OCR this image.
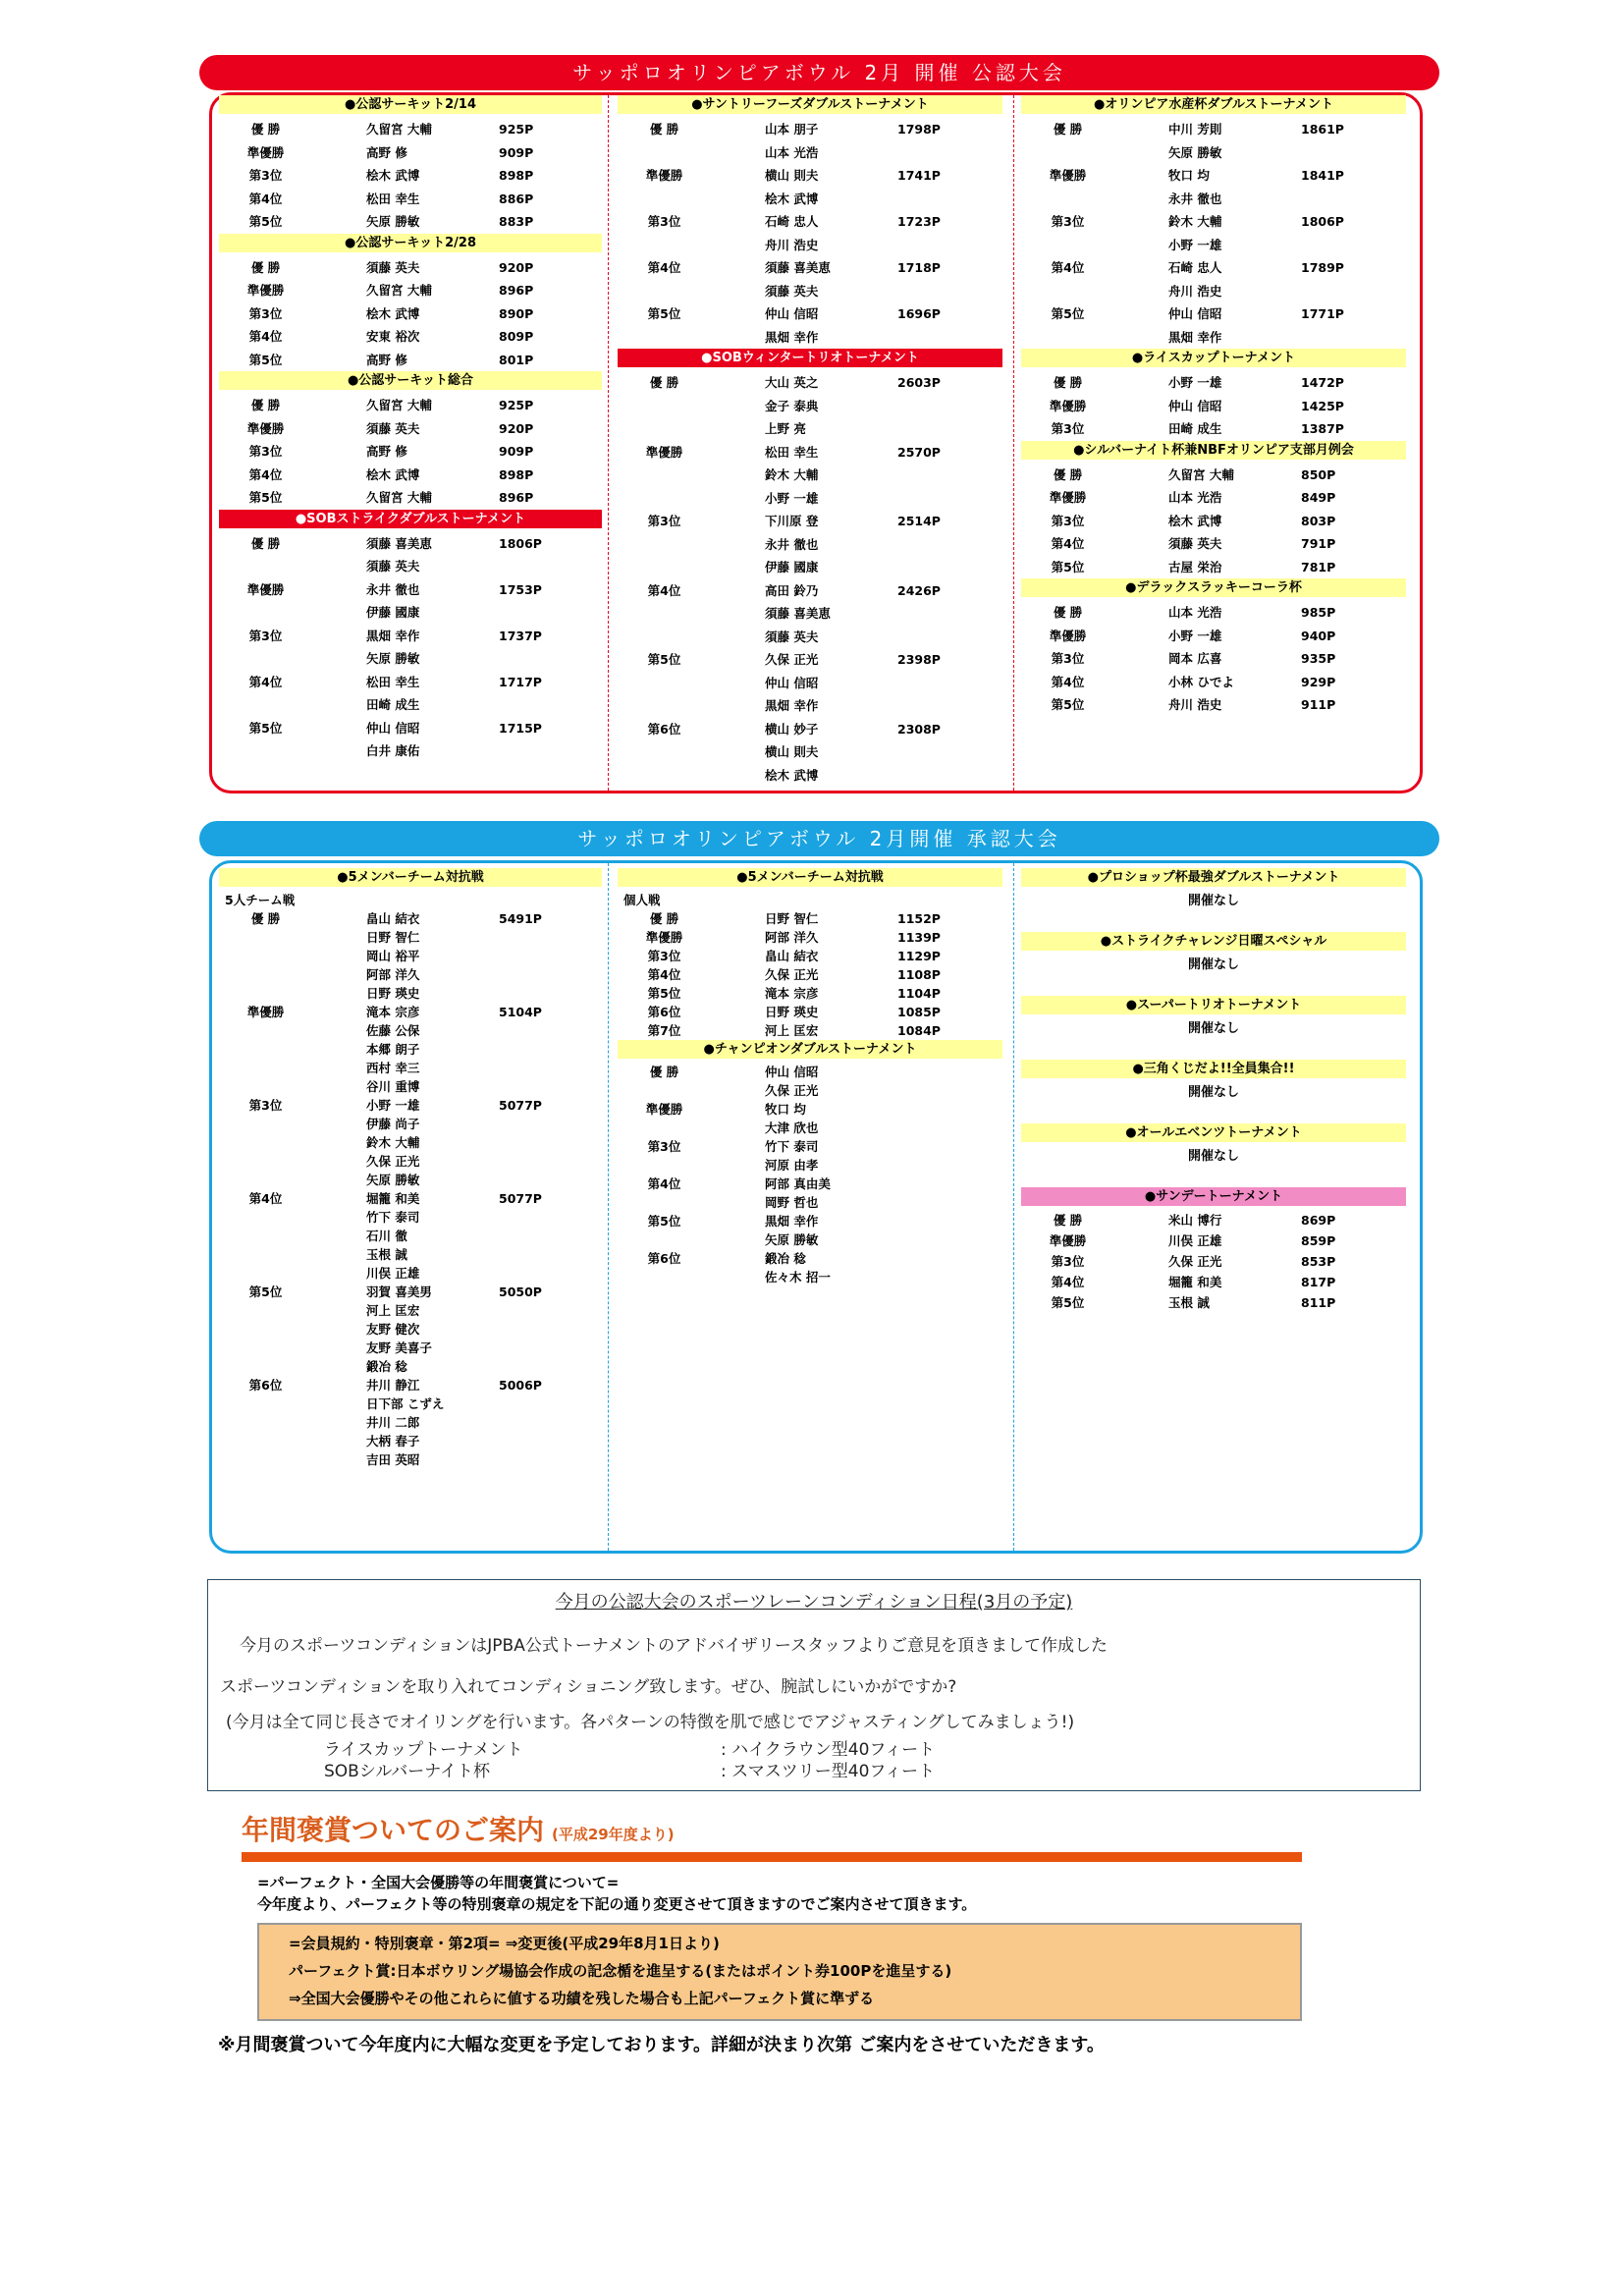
サッポロオリンピアボウル 2月 開催 公認大会
●公認サーキット2/14
優 勝	久留宮 大輔	925P
準優勝	高野 修	909P
第3位	桧木 武博	898P
第4位	松田 幸生	886P
第5位	矢原 勝敏	883P
●公認サーキット2/28
優 勝	須藤 英夫	920P
準優勝	久留宮 大輔	896P
第3位	桧木 武博	890P
第4位	安東 裕次	809P
第5位	高野 修	801P
●公認サーキット総合
優 勝	久留宮 大輔	925P
準優勝	須藤 英夫	920P
第3位	高野 修	909P
第4位	桧木 武博	898P
第5位	久留宮 大輔	896P
●SOBストライクダブルストーナメント
優 勝	須藤 喜美恵	1806P
須藤 英夫
準優勝	永井 徹也	1753P
伊藤 國康
第3位	黒畑 幸作	1737P
矢原 勝敏
第4位	松田 幸生	1717P
田崎 成生
第5位	仲山 信昭	1715P
白井 康佑
●サントリーフーズダブルストーナメント
優 勝	山本 朋子	1798P
山本 光浩
準優勝	横山 則夫	1741P
桧木 武博
第3位	石崎 忠人	1723P
舟川 浩史
第4位	須藤 喜美恵	1718P
須藤 英夫
第5位	仲山 信昭	1696P
黒畑 幸作
●SOBウィンタートリオトーナメント
優 勝	大山 英之	2603P
金子 泰典
上野 亮
準優勝	松田 幸生	2570P
鈴木 大輔
小野 一雄
第3位	下川原 登	2514P
永井 徹也
伊藤 國康
第4位	高田 鈴乃	2426P
須藤 喜美恵
須藤 英夫
第5位	久保 正光	2398P
仲山 信昭
黒畑 幸作
第6位	横山 妙子	2308P
横山 則夫
桧木 武博
●オリンピア水産杯ダブルストーナメント
優 勝	中川 芳則	1861P
矢原 勝敏
準優勝	牧口 均	1841P
永井 徹也
第3位	鈴木 大輔	1806P
小野 一雄
第4位	石崎 忠人	1789P
舟川 浩史
第5位	仲山 信昭	1771P
黒畑 幸作
●ライスカップトーナメント
優 勝	小野 一雄	1472P
準優勝	仲山 信昭	1425P
第3位	田崎 成生	1387P
●シルバーナイト杯兼NBFオリンピア支部月例会
優 勝	久留宮 大輔	850P
準優勝	山本 光浩	849P
第3位	桧木 武博	803P
第4位	須藤 英夫	791P
第5位	古屋 栄治	781P
●デラックスラッキーコーラ杯
優 勝	山本 光浩	985P
準優勝	小野 一雄	940P
第3位	岡本 広喜	935P
第4位	小林 ひでよ	929P
第5位	舟川 浩史	911P
サッポロオリンピアボウル 2月開催 承認大会
●5メンバーチーム対抗戦
5人チーム戦
優 勝	畠山 結衣	5491P
日野 智仁
岡山 裕平
阿部 洋久
日野 瑛史
準優勝	滝本 宗彦	5104P
佐藤 公保
本郷 朗子
西村 幸三
谷川 重博
第3位	小野 一雄	5077P
伊藤 尚子
鈴木 大輔
久保 正光
矢原 勝敏
第4位	堀籠 和美	5077P
竹下 泰司
石川 徹
玉根 誠
川俣 正雄
第5位	羽賀 喜美男	5050P
河上 匡宏
友野 健次
友野 美喜子
鍛冶 稔
第6位	井川 静江	5006P
日下部 こずえ
井川 二郎
大柄 春子
吉田 英昭
●5メンバーチーム対抗戦
個人戦
優 勝	日野 智仁	1152P
準優勝	阿部 洋久	1139P
第3位	畠山 結衣	1129P
第4位	久保 正光	1108P
第5位	滝本 宗彦	1104P
第6位	日野 瑛史	1085P
第7位	河上 匡宏	1084P
●チャンピオンダブルストーナメント
優 勝	仲山 信昭
久保 正光
準優勝	牧口 均
大津 欣也
第3位	竹下 泰司
河原 由孝
第4位	阿部 真由美
岡野 哲也
第5位	黒畑 幸作
矢原 勝敏
第6位	鍛冶 稔
佐々木 招一
●プロショップ杯最強ダブルストーナメント
開催なし
●ストライクチャレンジ日曜スペシャル
開催なし
●スーパートリオトーナメント
開催なし
●三角くじだよ!!全員集合!!
開催なし
●オールエベンツトーナメント
開催なし
●サンデートーナメント
優 勝	米山 博行	869P
準優勝	川俣 正雄	859P
第3位	久保 正光	853P
第4位	堀籠 和美	817P
第5位	玉根 誠	811P
今月の公認大会のスポーツレーンコンディション日程(3月の予定)
今月のスポーツコンディションはJPBA公式トーナメントのアドバイザリースタッフよりご意見を頂きまして作成した
スポーツコンディションを取り入れてコンディショニング致します。ぜひ、腕試しにいかがですか?
(今月は全て同じ長さでオイリングを行います。各パターンの特徴を肌で感じでアジャスティングしてみましょう!)
ライスカップトーナメント	: ハイクラウン型40フィート
SOBシルバーナイト杯	: スマスツリー型40フィート
年間褒賞ついてのご案内 (平成29年度より)
=パーフェクト・全国大会優勝等の年間褒賞について=
今年度より、パーフェクト等の特別褒章の規定を下記の通り変更させて頂きますのでご案内させて頂きます。
=会員規約・特別褒章・第2項= ⇒変更後(平成29年8月1日より)
パーフェクト賞:日本ボウリング場協会作成の記念楯を進呈する(またはポイント券100Pを進呈する)
⇒全国大会優勝やその他これらに値する功績を残した場合も上記パーフェクト賞に準ずる
※月間褒賞ついて今年度内に大幅な変更を予定しております。詳細が決まり次第 ご案内をさせていただきます。
